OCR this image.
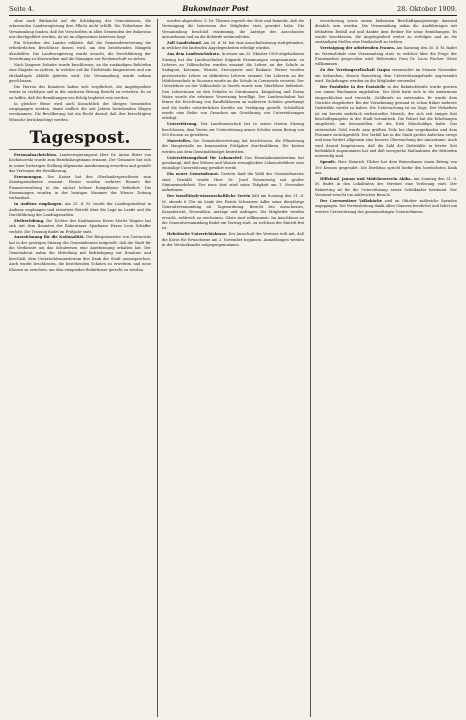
Seite 4.	Bukowinaer Post	28. Oktober 1909.

ohne auch Rücksicht auf die Schädigung der Gemeinwesen, die erfassenden Landesregierung ihre Pflicht nicht erfüllt. Die Teilnehmer der Versammlung fanden, daß die Vorschriften in allen Gemeinden der Bukowina nur durchgeführt werden, da sie im allgemeinen Interesse liegt.

Ein Schreiber des Landes erklärte, daß die Gemeindevertretung die erforderlichen Beschlüsse fassen wird, um den bestehenden Mängeln abzuhelfen. Die Landesregierung wurde ersucht, die Durchführung der Verordnung zu überwachen und die Säumigen zur Rechenschaft zu ziehen.

Nach längerer Debatte wurde beschlossen, an die zuständigen Behörden eine Eingabe zu richten, in welcher auf die Übelstände hingewiesen und um ehebaldigste Abhilfe gebeten wird. Die Versammlung wurde sodann geschlossen.

Die Herren des Komitees haben sich verpflichtet, die Angelegenheit weiter zu verfolgen und in der nächsten Sitzung Bericht zu erstatten. Es ist zu hoffen, daß die Bemühungen von Erfolg begleitet sein werden.

In gleicher Weise wird auch hinsichtlich der übrigen Gemeinden vorgegangen werden, damit endlich die seit Jahren bestehenden Klagen verstummen. Die Bevölkerung hat ein Recht darauf, daß ihre berechtigten Wünsche berücksichtigt werden.

Tagespost.

Personalnachrichten. Landesregierungsrat Herr Dr. Anton Ritter von Kochanowski wurde zum Bezirkshauptmann ernannt. Der Genannte hat sich in seiner bisherigen Stellung allgemeine Anerkennung erworben und genießt das Vertrauen der Bevölkerung.

Ernennungen. Der Kaiser hat den Oberlandesgerichtsrat zum Senatspräsidenten ernannt. Ferner wurden mehrere Beamte der Finanzverwaltung in die nächst höhere Rangsklasse befördert. Die Ernennungen wurden in der heutigen Nummer der Wiener Zeitung verlautbart.

In Audienz empfangen. Am 25. d. M. wurde der Landespräsident in Audienz empfangen und erstattete Bericht über die Lage im Lande und die Durchführung der Landtagswahlen.

Zivilverlobung. Die Tochter des Kaufmannes Herrn Moritz Wagner hat sich mit dem Beamten der Bukowinaer Sparkasse Herrn Leon Schaffer verlobt. Die Trauung findet im Frühjahr statt.

Auszeichnung für die Nationalität. Der Bürgermeister von Czernowitz hat in der gestrigen Sitzung des Gemeinderates mitgeteilt, daß die Stadt für die Verdienste um das Schulwesen eine Anerkennung erhalten hat. Der Gemeinderat nahm die Mitteilung mit Befriedigung zur Kenntnis und beschloß, dem Unterrichtsministerium den Dank der Stadt auszusprechen. Auch wurde beschlossen, die bestehenden Schulen zu erweitern und neue Klassen zu errichten, um dem steigenden Bedürfnisse gerecht zu werden.

worden abgesehen. S. Dr. Thiesen ergreift das Wort und bemerkt, daß die Vereinigung die Interessen der Mitglieder stets gewahrt habe. Die Versammlung beschloß einstimmig, die Anträge des Ausschusses anzunehmen und an die Behörde weiterzuleiten.

Zoll Landesbund. Am 26. d. M. hat eine Ausschußsitzung stattgefunden, in welcher die laufenden Angelegenheiten erledigt wurden.

Aus dem Landesschulrate. In seiner am 23. Oktober 1909 abgehaltenen Sitzung hat der Landesschulrat folgende Ernennungen vorgenommen: zu Lehrern an Volksschulen wurden ernannt die Lehrer an der Schule in Sadagora, Kotzman, Wiznitz, Storozynetz und Radautz. Ferner wurden provisorische Lehrer zu definitiven Lehrern ernannt. Die Lehrerin an der Mädchenschule in Suczawa wurde an die Schule in Czernowitz versetzt. Der Unterlehrer an der Volksschule in Sereth wurde zum Oberlehrer befördert. Den Lehrerinnen an den Schulen in Gurahumora, Kimpolung und Dorna Watra wurde die erbetene Versetzung bewilligt. Der Landesschulrat hat ferner die Errichtung von Parallelklassen an mehreren Schulen genehmigt und die hiefür erforderlichen Kredite zur Verfügung gestellt. Schließlich wurde eine Reihe von Gesuchen um Gewährung von Unterstützungen erledigt.

Unterstützung. Der Landesausschuß hat in seiner letzten Sitzung beschlossen, dem Verein zur Unterstützung armer Schüler einen Betrag von 500 Kronen zu gewähren.

Materielles. Die Gemeindevertretung hat beschlossen, die Pflasterung der Hauptstraße im kommenden Frühjahre durchzuführen. Die Kosten werden aus dem Gemeindebudget bestritten.

Unterstützungsfond für Lokomotivf. Das Eisenbahnministerium hat genehmigt, daß den Witwen und Waisen verunglückter Lokomotivführer eine einmalige Unterstützung gewährt werde.

Ein neuer Gemeindearzt. Gestern fand die Wahl des Gemeindearztes statt. Gewählt wurde Herr Dr. Josef Rosenzweig mit großer Stimmenmehrheit. Der neue Arzt wird seine Tätigkeit am 1. November aufnehmen.

Der israelitisch-wissenschaftliche Verein hält am Sonntag den 31. d. M. abends 8 Uhr im Saale des Hotels Schwarzer Adler seine diesjährige Generalversammlung ab. Tagesordnung: Bericht des Ausschusses, Kassabericht, Neuwahlen, Anträge und Anfragen. Die Mitglieder werden ersucht, zahlreich zu erscheinen. Gäste sind willkommen. Im Anschlusse an die Generalversammlung findet ein Vortrag statt, zu welchem der Eintritt frei ist.

Hebräische Unterrichtskurse. Der Ausschuß des Vereines teilt mit, daß die Kurse für Erwachsene am 2. November beginnen. Anmeldungen werden in der Vereinskanzlei entgegengenommen.

versicherung sowie einem heilsamen Beschäftigungszweige dauernd dienlich sein werden. Die Versammlung nahm die Ausführungen mit lebhaftem Beifall auf und dankte dem Redner für seine Bemühungen. Es wurde beschlossen, die Angelegenheit weiter zu verfolgen und an die zuständigen Stellen eine Denkschrift zu richten.

Vereinigung der arbeitenden Frauen. Am Samstag den 30. d. M. findet im Vereinslokale eine Versammlung statt, in welcher über die Frage der Frauenarbeit gesprochen wird. Referentin: Frau Dr. Lucie Fischer. Gäste willkommen.

Zu der Vereinsgesellschaft Gaqua veranstaltet im Monate November ein Kränzchen, dessen Reinertrag dem Unterstützungsfonde zugewendet wird. Einladungen werden an die Mitglieder versendet.

Der Postdiebe in der Poststelle in der Bahnhofstraße wurde gestern von einem Wachmann angehalten. Der Dieb hatte sich in die Amtsräume eingeschlichen und versucht, Geldbriefe zu entwenden. Er wurde dem Gerichte eingeliefert. Bei der Vernehmung gestand er, schon früher mehrere Diebstähle verübt zu haben. Die Untersuchung ist im Zuge. Der Verhaftete ist ein bereits mehrfach vorbestrafter Mensch, der sich seit einiger Zeit beschäftigungslos in der Stadt herumtrieb. Die Polizei hat die Erhebungen eingeleitet, um festzustellen, ob der Dieb Mitschuldige hatte. Das entwendete Geld wurde zum größten Teile bei ihm vorgefunden und dem Postamte zurückgestellt. Der Vorfall hat in der Stadt großes Aufsehen erregt und man fordert allgemein eine bessere Überwachung der Amtsräume. Auch wird darauf hingewiesen, daß die Zahl der Diebstähle in letzter Zeit bedenklich zugenommen hat und daß energische Maßnahmen der Behörden notwendig sind.

Spende. Herr Heinrich Tilcher hat dem Waisenhause einen Betrag von 100 Kronen gespendet. Die Direktion spricht hiefür den herzlichsten Dank aus.

Hilfsfond. Januar und Mädchenverein Akiba. Am Sonntag den 31. d. M. findet in den Lokalitäten des Vereines eine Vorlesung statt. Der Reinertrag ist für die Unterstützung armer Schulkinder bestimmt. Der Vorstand ersucht um zahlreichen Besuch.

Der Czernowitzer Volksküche sind im Oktober zahlreiche Spenden zugegangen. Die Vereinsleitung dankt allen Gönnern herzlichst und bittet um weitere Unterstützung des gemeinnützigen Unternehmens.
